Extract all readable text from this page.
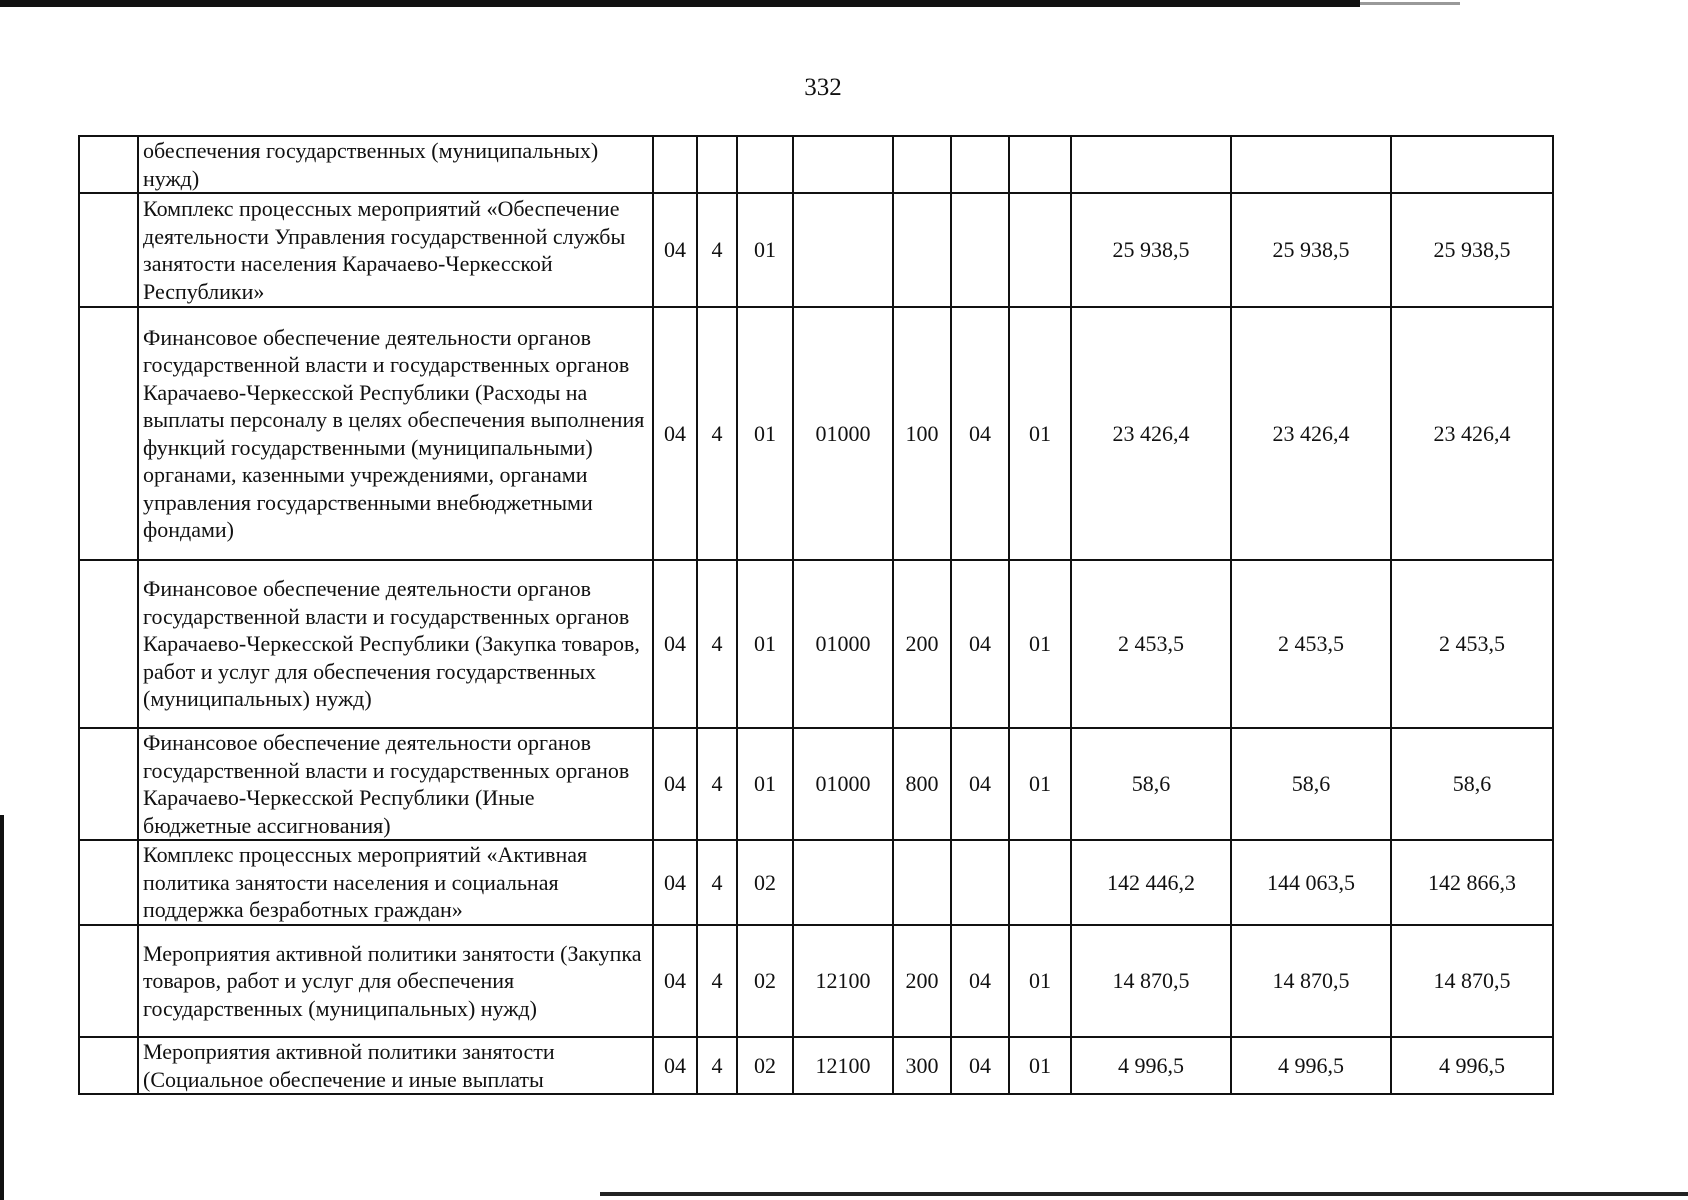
332
	обеспечения государственных (муниципальных) нужд)										
	Комплекс процессных мероприятий «Обеспечение деятельности Управления государственной службы занятости населения Карачаево-Черкесской Республики»	04	4	01					25 938,5	25 938,5	25 938,5
	Финансовое обеспечение деятельности органов государственной власти и государственных органов Карачаево-Черкесской Республики (Расходы на выплаты персоналу в целях обеспечения выполнения функций государственными (муниципальными) органами, казенными учреждениями, органами управления государственными внебюджетными фондами)	04	4	01	01000	100	04	01	23 426,4	23 426,4	23 426,4
	Финансовое обеспечение деятельности органов государственной власти и государственных органов Карачаево-Черкесской Республики (Закупка товаров, работ и услуг для обеспечения государственных (муниципальных) нужд)	04	4	01	01000	200	04	01	2 453,5	2 453,5	2 453,5
	Финансовое обеспечение деятельности органов государственной власти и государственных органов Карачаево-Черкесской Республики (Иные бюджетные ассигнования)	04	4	01	01000	800	04	01	58,6	58,6	58,6
	Комплекс процессных мероприятий «Активная политика занятости населения и социальная поддержка безработных граждан»	04	4	02					142 446,2	144 063,5	142 866,3
	Мероприятия активной политики занятости (Закупка товаров, работ и услуг для обеспечения государственных (муниципальных) нужд)	04	4	02	12100	200	04	01	14 870,5	14 870,5	14 870,5
	Мероприятия активной политики занятости (Социальное обеспечение и иные выплаты	04	4	02	12100	300	04	01	4 996,5	4 996,5	4 996,5
